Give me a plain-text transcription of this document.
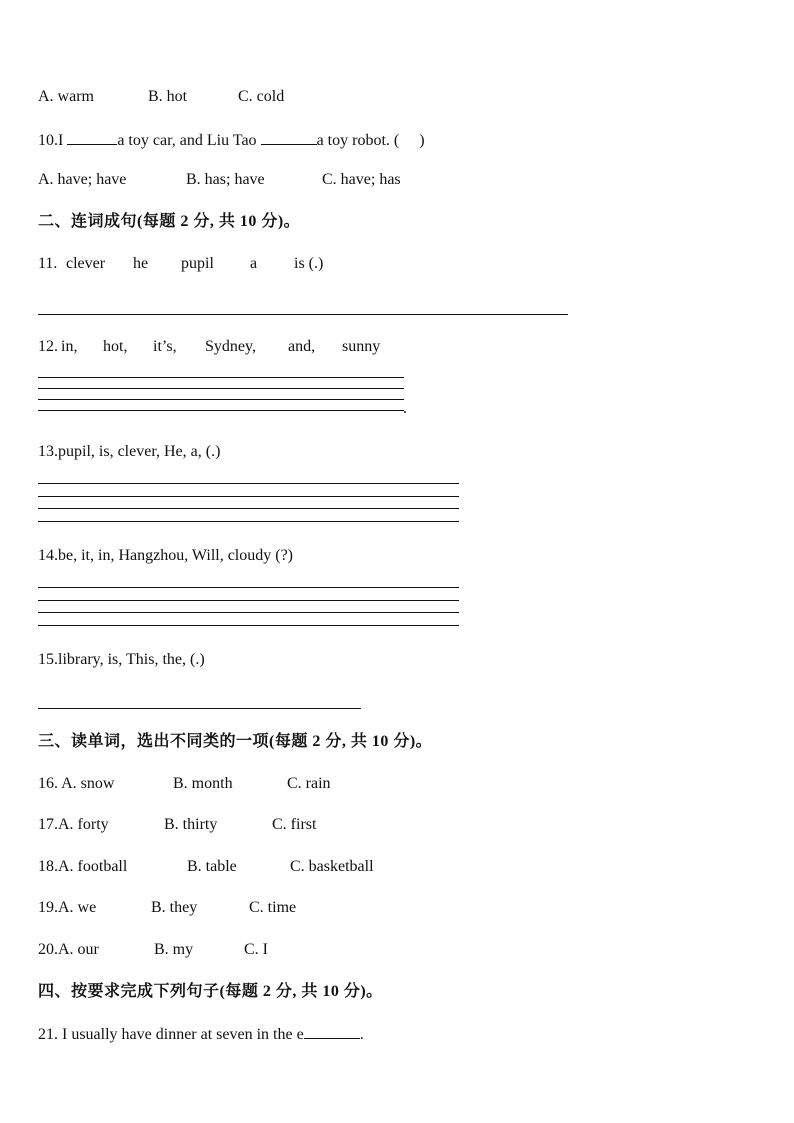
A. warm	B. hot	C. cold
10.I	a toy car, and Liu Tao	a toy robot. ( )
A. have; have	B. has; have	C. have; has
二、连词成句(每题 2 分, 共 10 分)。
11. clever he pupil a is (.)
12. in, hot, it’s, Sydney, and, sunny
.
13.pupil, is, clever, He, a, (.)
14.be, it, in, Hangzhou, Will, cloudy (?)
15.library, is, This, the, (.)
三、读单词，选出不同类的一项(每题 2 分, 共 10 分)。
16. A. snow	B. month	C. rain
17.A. forty	B. thirty	C. first
18.A. football	B. table	C. basketball
19.A. we	B. they	C. time
20.A. our	B. my	C. I
四、按要求完成下列句子(每题 2 分, 共 10 分)。
21. I usually have dinner at seven in the e	.
